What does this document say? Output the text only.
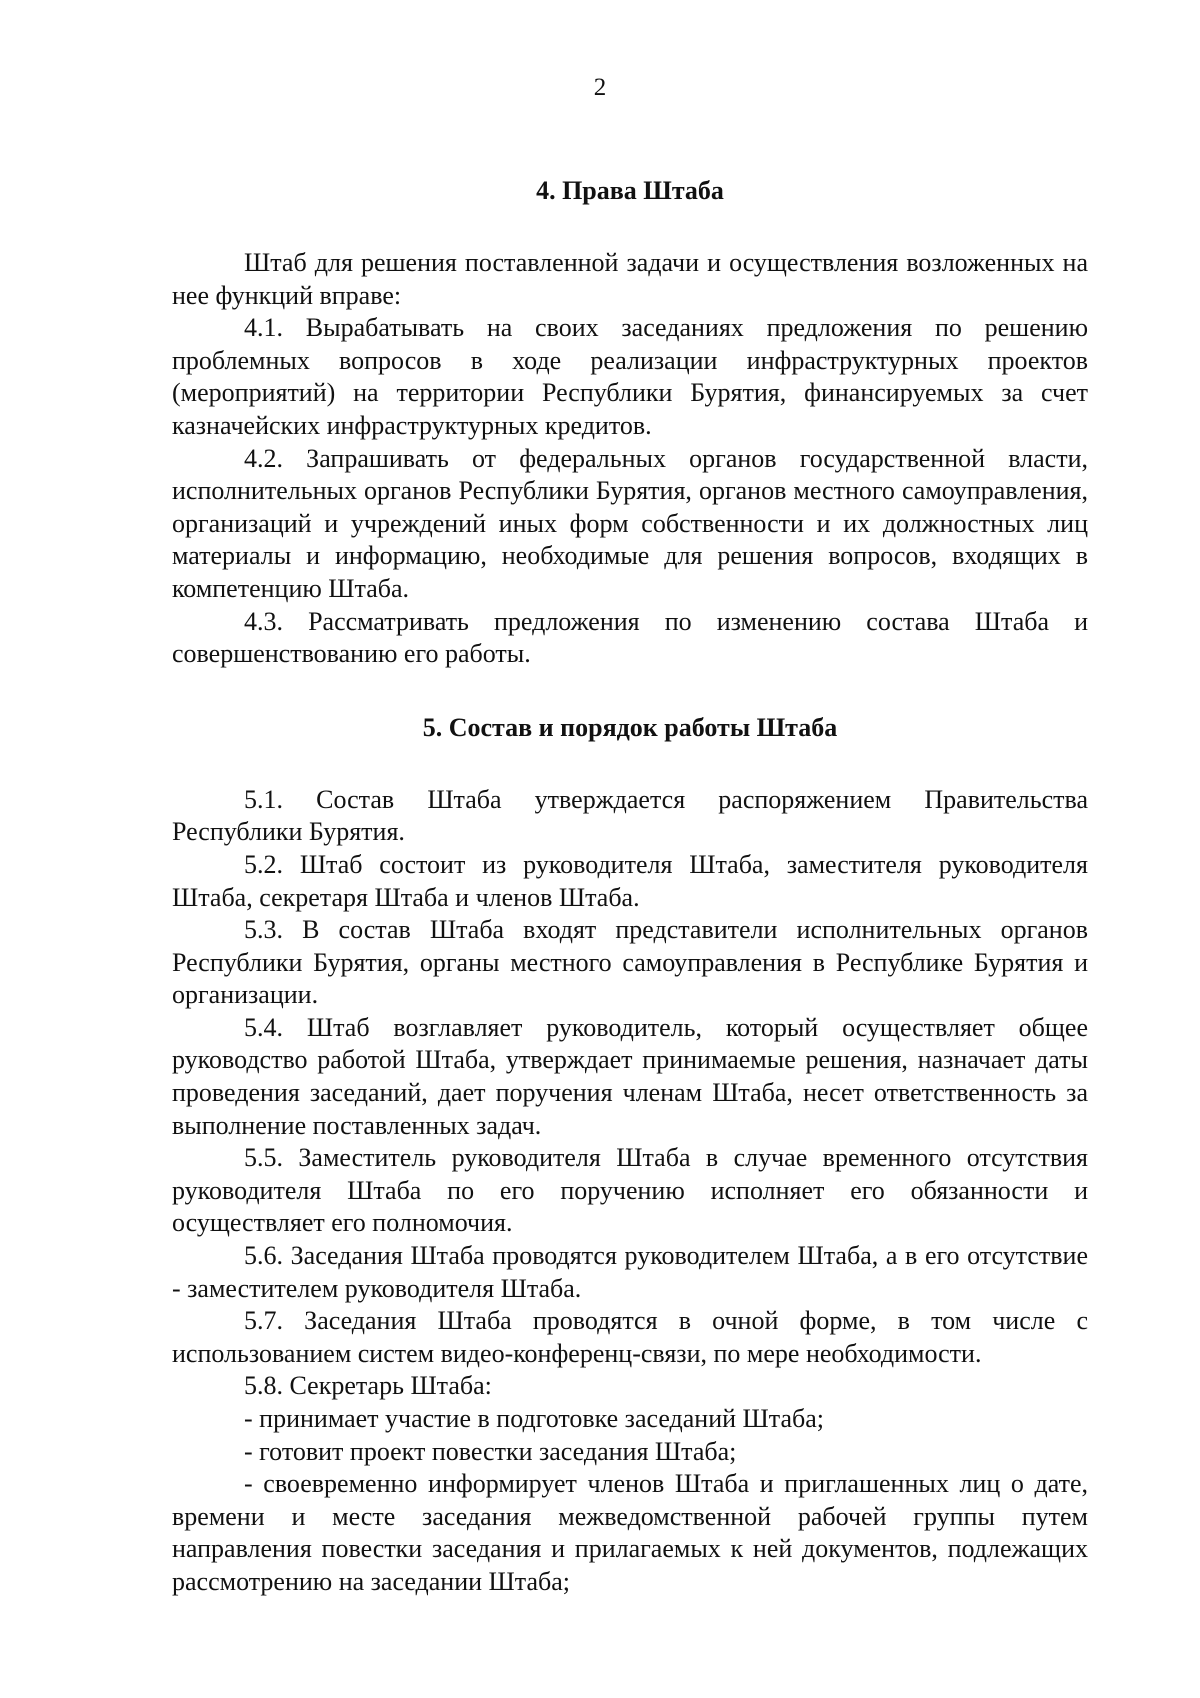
2
4. Права Штаба

Штаб для решения поставленной задачи и осуществления возложенных на нее функций вправе:

4.1. Вырабатывать на своих заседаниях предложения по решению проблемных вопросов в ходе реализации инфраструктурных проектов (мероприятий) на территории Республики Бурятия, финансируемых за счет казначейских инфраструктурных кредитов.

4.2. Запрашивать от федеральных органов государственной власти, исполнительных органов Республики Бурятия, органов местного самоуправления, организаций и учреждений иных форм собственности и их должностных лиц материалы и информацию, необходимые для решения вопросов, входящих в компетенцию Штаба.

4.3. Рассматривать предложения по изменению состава Штаба и совершенствованию его работы.

5. Состав и порядок работы Штаба

5.1. Состав Штаба утверждается распоряжением Правительства Республики Бурятия.

5.2. Штаб состоит из руководителя Штаба, заместителя руководителя Штаба, секретаря Штаба и членов Штаба.

5.3. В состав Штаба входят представители исполнительных органов Республики Бурятия, органы местного самоуправления в Республике Бурятия и организации.

5.4. Штаб возглавляет руководитель, который осуществляет общее руководство работой Штаба, утверждает принимаемые решения, назначает даты проведения заседаний, дает поручения членам Штаба, несет ответственность за выполнение поставленных задач.

5.5. Заместитель руководителя Штаба в случае временного отсутствия руководителя Штаба по его поручению исполняет его обязанности и осуществляет его полномочия.

5.6. Заседания Штаба проводятся руководителем Штаба, а в его отсутствие - заместителем руководителя Штаба.

5.7. Заседания Штаба проводятся в очной форме, в том числе с использованием систем видео-конференц-связи, по мере необходимости.

5.8. Секретарь Штаба:

- принимает участие в подготовке заседаний Штаба;

- готовит проект повестки заседания Штаба;

- своевременно информирует членов Штаба и приглашенных лиц о дате, времени и месте заседания межведомственной рабочей группы путем направления повестки заседания и прилагаемых к ней документов, подлежащих рассмотрению на заседании Штаба;
